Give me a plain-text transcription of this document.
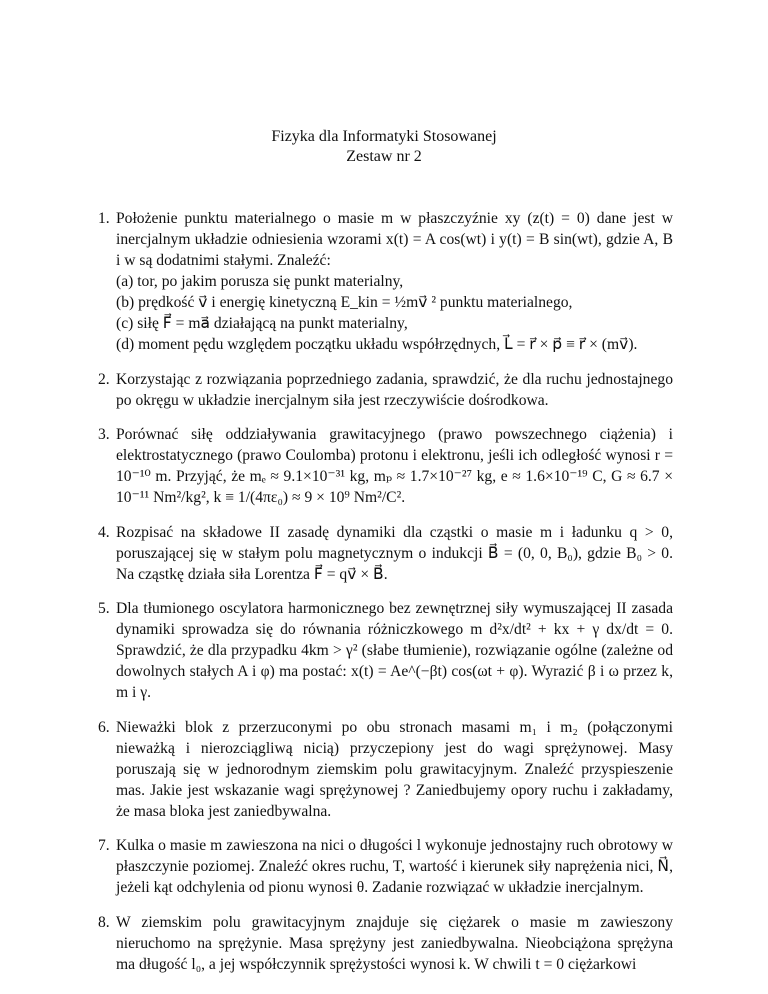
Fizyka dla Informatyki Stosowanej
Zestaw nr 2
1. Położenie punktu materialnego o masie m w płaszczyźnie xy (z(t) = 0) dane jest w inercjalnym układzie odniesienia wzorami x(t) = A cos(wt) i y(t) = B sin(wt), gdzie A, B i w są dodatnimi stałymi. Znaleźć:
(a) tor, po jakim porusza się punkt materialny,
(b) prędkość v⃗ i energię kinetyczną E_kin = ½mv⃗ ² punktu materialnego,
(c) siłę F⃗ = ma⃗ działającą na punkt materialny,
(d) moment pędu względem początku układu współrzędnych, L⃗ = r⃗ × p⃗ ≡ r⃗ × (mv⃗).
2. Korzystając z rozwiązania poprzedniego zadania, sprawdzić, że dla ruchu jednostajnego po okręgu w układzie inercjalnym siła jest rzeczywiście dośrodkowa.
3. Porównać siłę oddziaływania grawitacyjnego (prawo powszechnego ciążenia) i elektrostatycznego (prawo Coulomba) protonu i elektronu, jeśli ich odległość wynosi r = 10⁻¹⁰ m. Przyjąć, że mₑ ≈ 9.1×10⁻³¹ kg, mₚ ≈ 1.7×10⁻²⁷ kg, e ≈ 1.6×10⁻¹⁹ C, G ≈ 6.7 × 10⁻¹¹ Nm²/kg², k ≡ 1/(4πε₀) ≈ 9 × 10⁹ Nm²/C².
4. Rozpisać na składowe II zasadę dynamiki dla cząstki o masie m i ładunku q > 0, poruszającej się w stałym polu magnetycznym o indukcji B⃗ = (0, 0, B₀), gdzie B₀ > 0. Na cząstkę działa siła Lorentza F⃗ = qv⃗ × B⃗.
5. Dla tłumionego oscylatora harmonicznego bez zewnętrznej siły wymuszającej II zasada dynamiki sprowadza się do równania różniczkowego m d²x/dt² + kx + γ dx/dt = 0. Sprawdzić, że dla przypadku 4km > γ² (słabe tłumienie), rozwiązanie ogólne (zależne od dowolnych stałych A i φ) ma postać: x(t) = Ae^(−βt) cos(ωt + φ). Wyrazić β i ω przez k, m i γ.
6. Nieważki blok z przerzuconymi po obu stronach masami m₁ i m₂ (połączonymi nieważką i nierozciągliwą nicią) przyczepiony jest do wagi sprężynowej. Masy poruszają się w jednorodnym ziemskim polu grawitacyjnym. Znaleźć przyspieszenie mas. Jakie jest wskazanie wagi sprężynowej ? Zaniedbujemy opory ruchu i zakładamy, że masa bloka jest zaniedbywalna.
7. Kulka o masie m zawieszona na nici o długości l wykonuje jednostajny ruch obrotowy w płaszczynie poziomej. Znaleźć okres ruchu, T, wartość i kierunek siły naprężenia nici, N⃗, jeżeli kąt odchylenia od pionu wynosi θ. Zadanie rozwiązać w układzie inercjalnym.
8. W ziemskim polu grawitacyjnym znajduje się ciężarek o masie m zawieszony nieruchomo na sprężynie. Masa sprężyny jest zaniedbywalna. Nieobciążona sprężyna ma długość l₀, a jej współczynnik sprężystości wynosi k. W chwili t = 0 ciężarkowi
